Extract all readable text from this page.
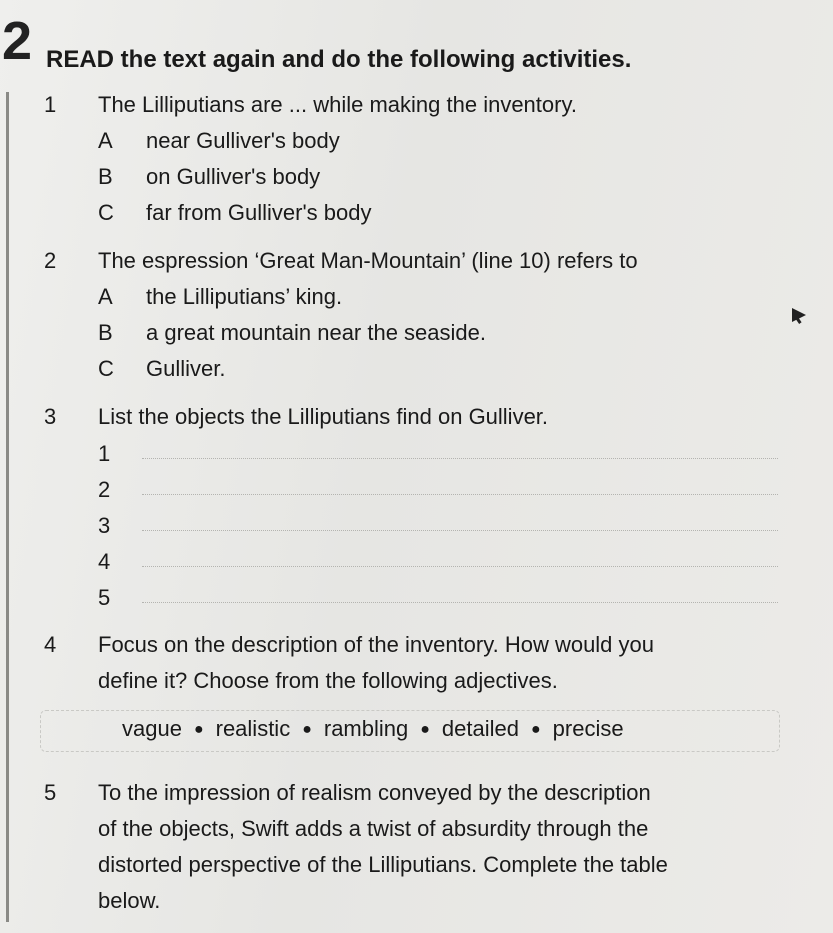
2 READ the text again and do the following activities.
1 The Lilliputians are ... while making the inventory.
A near Gulliver's body
B on Gulliver's body
C far from Gulliver's body
2 The espression ‘Great Man-Mountain’ (line 10) refers to
A the Lilliputians’ king.
B a great mountain near the seaside.
C Gulliver.
3 List the objects the Lilliputians find on Gulliver.
1
2
3
4
5
4 Focus on the description of the inventory. How would you
define it? Choose from the following adjectives.
vague ● realistic ● rambling ● detailed ● precise
5 To the impression of realism conveyed by the description
of the objects, Swift adds a twist of absurdity through the
distorted perspective of the Lilliputians. Complete the table
below.
